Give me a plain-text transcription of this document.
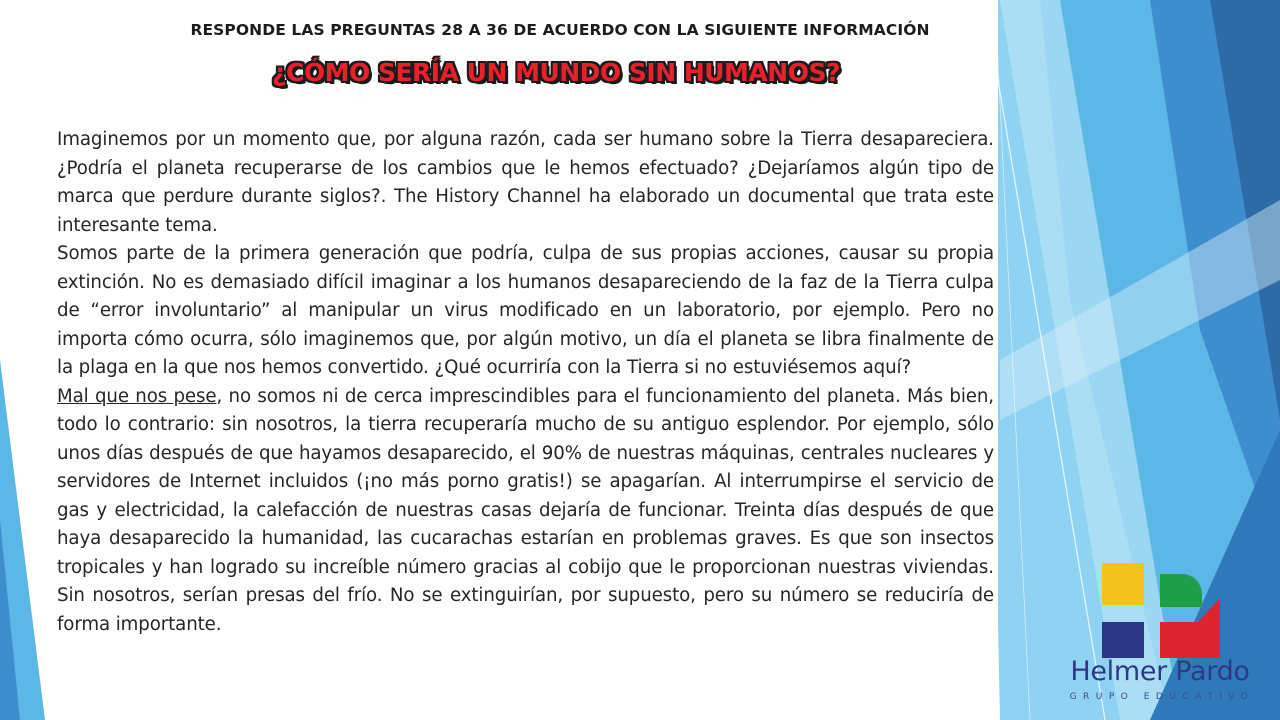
RESPONDE LAS PREGUNTAS 28 A 36 DE ACUERDO CON LA SIGUIENTE INFORMACIÓN
¿CÓMO SERÍA UN MUNDO SIN HUMANOS?

Imaginemos por un momento que, por alguna razón, cada ser humano sobre la Tierra desapareciera. ¿Podría el planeta recuperarse de los cambios que le hemos efectuado? ¿Dejaríamos algún tipo de marca que perdure durante siglos?. The History Channel ha elaborado un documental que trata este interesante tema.

Somos parte de la primera generación que podría, culpa de sus propias acciones, causar su propia extinción. No es demasiado difícil imaginar a los humanos desapareciendo de la faz de la Tierra culpa de “error involuntario” al manipular un virus modificado en un laboratorio, por ejemplo. Pero no importa cómo ocurra, sólo imaginemos que, por algún motivo, un día el planeta se libra finalmente de la plaga en la que nos hemos convertido. ¿Qué ocurriría con la Tierra si no estuviésemos aquí?

Mal que nos pese, no somos ni de cerca imprescindibles para el funcionamiento del planeta. Más bien, todo lo contrario: sin nosotros, la tierra recuperaría mucho de su antiguo esplendor. Por ejemplo, sólo unos días después de que hayamos desaparecido, el 90% de nuestras máquinas, centrales nucleares y servidores de Internet incluidos (¡no más porno gratis!) se apagarían. Al interrumpirse el servicio de gas y electricidad, la calefacción de nuestras casas dejaría de funcionar. Treinta días después de que haya desaparecido la humanidad, las cucarachas estarían en problemas graves. Es que son insectos tropicales y han logrado su increíble número gracias al cobijo que le proporcionan nuestras viviendas. Sin nosotros, serían presas del frío. No se extinguirían, por supuesto, pero su número se reduciría de forma importante.

Helmer Pardo
GRUPO EDUCATIVO
